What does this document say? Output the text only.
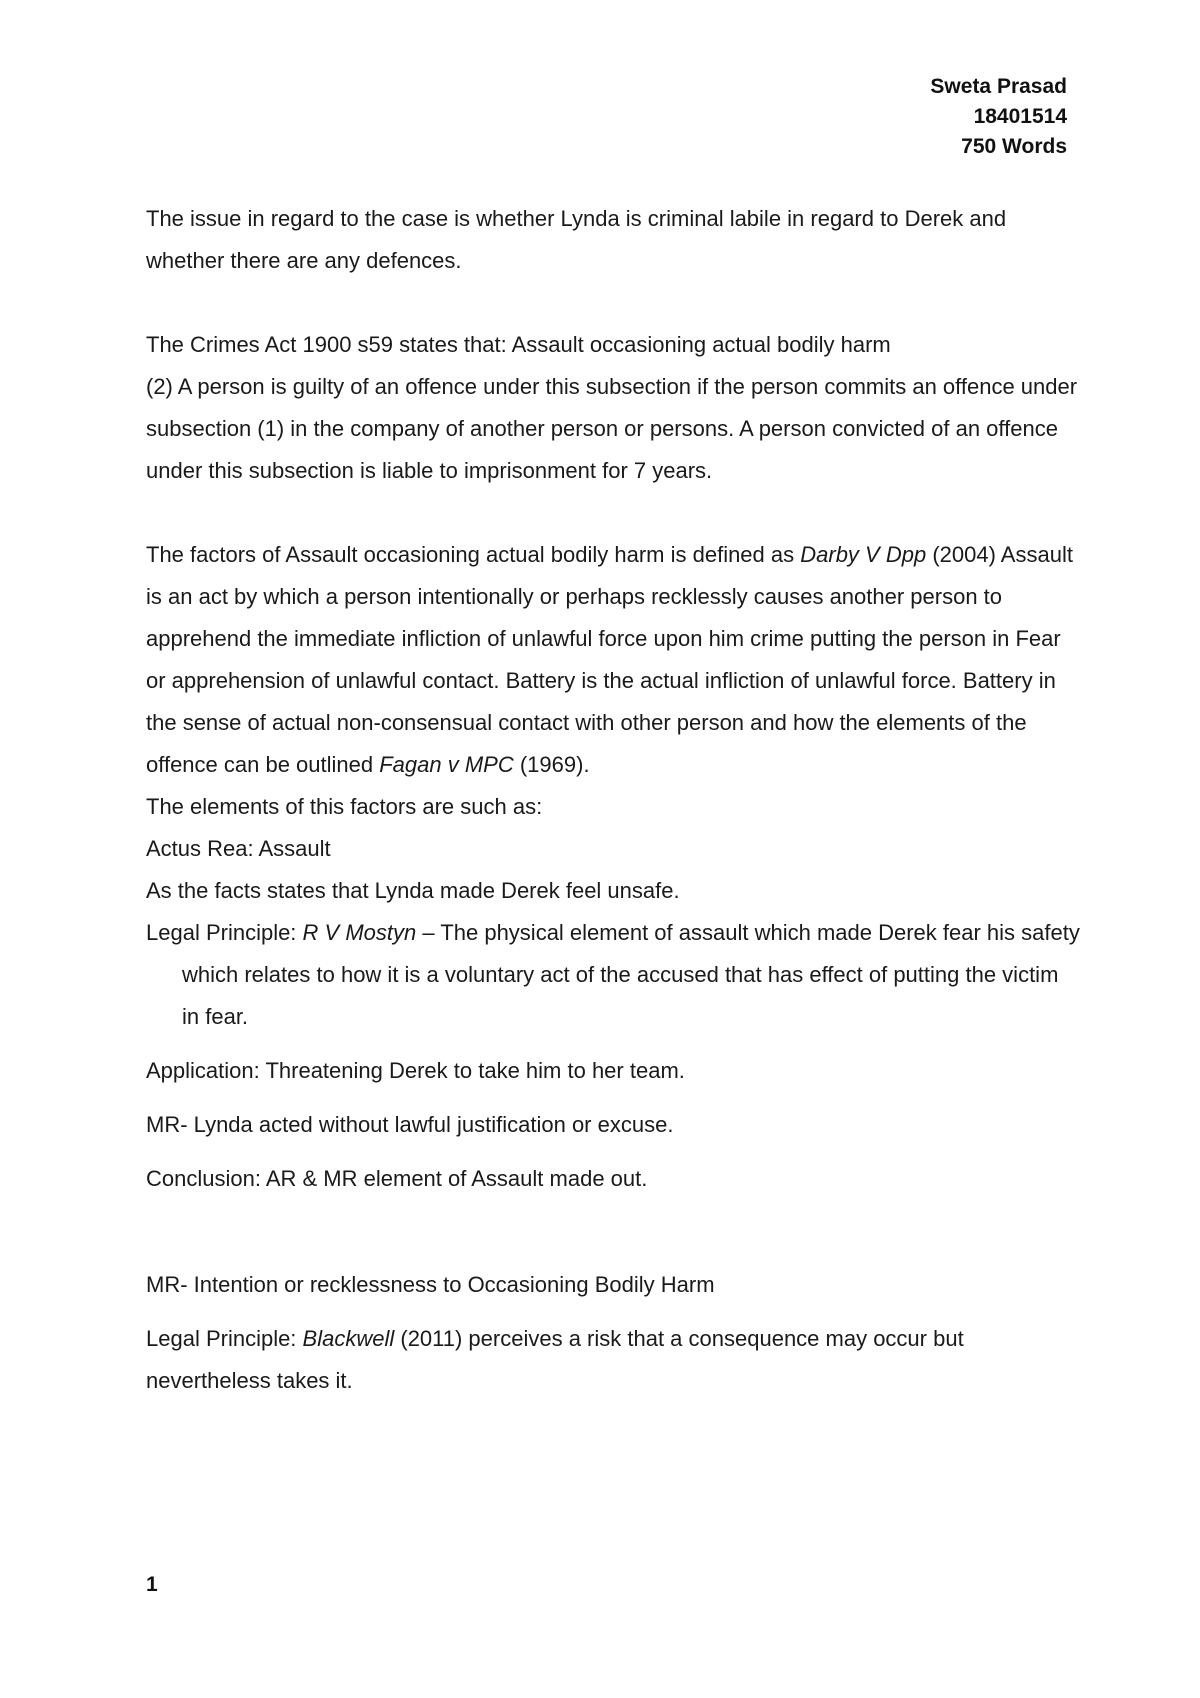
Sweta Prasad
18401514
750 Words

The issue in regard to the case is whether Lynda is criminal labile in regard to Derek and whether there are any defences.

The Crimes Act 1900 s59 states that: Assault occasioning actual bodily harm

(2) A person is guilty of an offence under this subsection if the person commits an offence under subsection (1) in the company of another person or persons. A person convicted of an offence under this subsection is liable to imprisonment for 7 years.

The factors of Assault occasioning actual bodily harm is defined as Darby V Dpp (2004) Assault is an act by which a person intentionally or perhaps recklessly causes another person to apprehend the immediate infliction of unlawful force upon him crime putting the person in Fear or apprehension of unlawful contact. Battery is the actual infliction of unlawful force. Battery in the sense of actual non-consensual contact with other person and how the elements of the offence can be outlined Fagan v MPC (1969).

The elements of this factors are such as:

Actus Rea: Assault

As the facts states that Lynda made Derek feel unsafe.

Legal Principle: R V Mostyn – The physical element of assault which made Derek fear his safety which relates to how it is a voluntary act of the accused that has effect of putting the victim in fear.

Application: Threatening Derek to take him to her team.

MR- Lynda acted without lawful justification or excuse.

Conclusion: AR & MR element of Assault made out.

MR- Intention or recklessness to Occasioning Bodily Harm

Legal Principle: Blackwell (2011) perceives a risk that a consequence may occur but nevertheless takes it.

1
